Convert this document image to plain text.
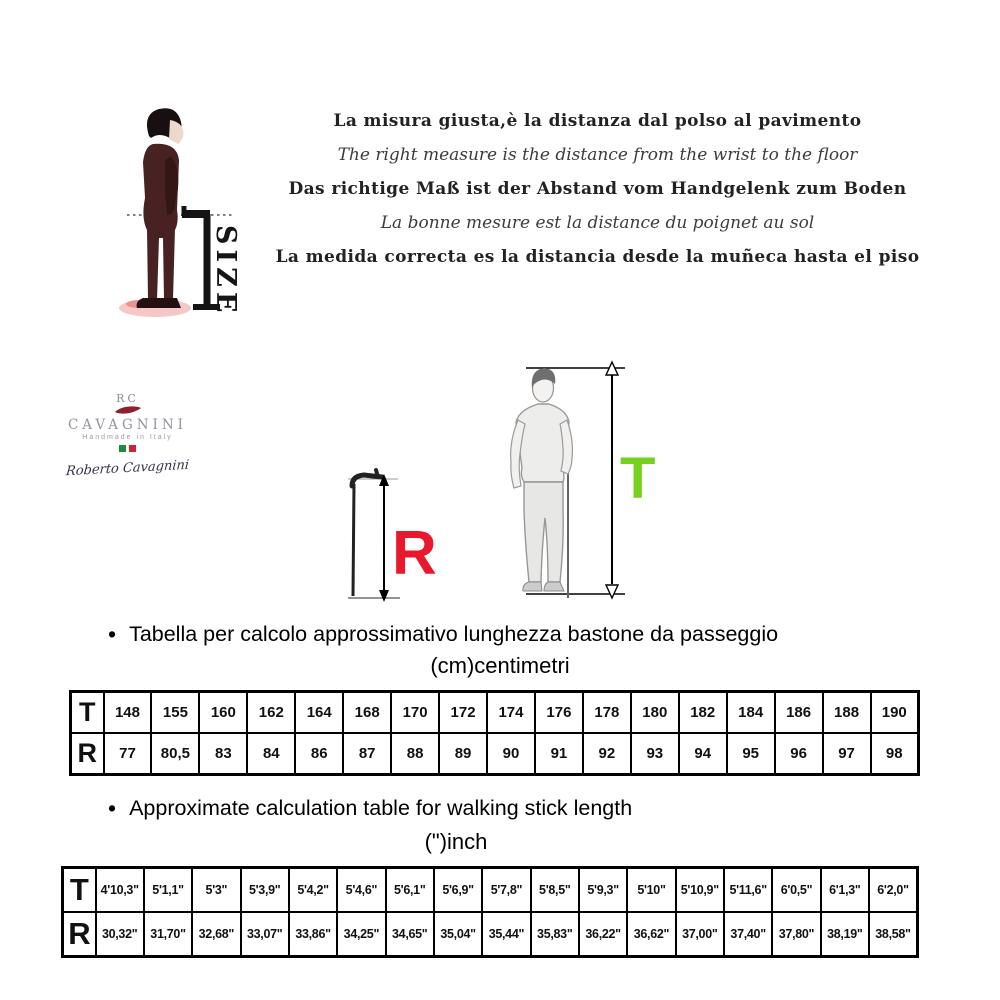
SIZE
La misura giusta,è la distanza dal polso al pavimento
The right measure is the distance from the wrist to the floor
Das richtige Maß ist der Abstand vom Handgelenk zum Boden
La bonne mesure est la distance du poignet au sol
La medida correcta es la distancia desde la muñeca hasta el piso
RC
CAVAGNINI
Handmade in Italy
Roberto Cavagnini
R
T
• Tabella per calcolo approssimativo lunghezza bastone da passeggio
(cm)centimetri
T	148	155	160	162	164	168	170	172	174	176	178	180	182	184	186	188	190
R	77	80,5	83	84	86	87	88	89	90	91	92	93	94	95	96	97	98
• Approximate calculation table for walking stick length
(")inch
T	4'10,3"	5'1,1"	5'3"	5'3,9"	5'4,2"	5'4,6"	5'6,1"	5'6,9"	5'7,8"	5'8,5"	5'9,3"	5'10"	5'10,9"	5'11,6"	6'0,5"	6'1,3"	6'2,0"
R	30,32"	31,70"	32,68"	33,07"	33,86"	34,25"	34,65"	35,04"	35,44"	35,83"	36,22"	36,62"	37,00"	37,40"	37,80"	38,19"	38,58"
